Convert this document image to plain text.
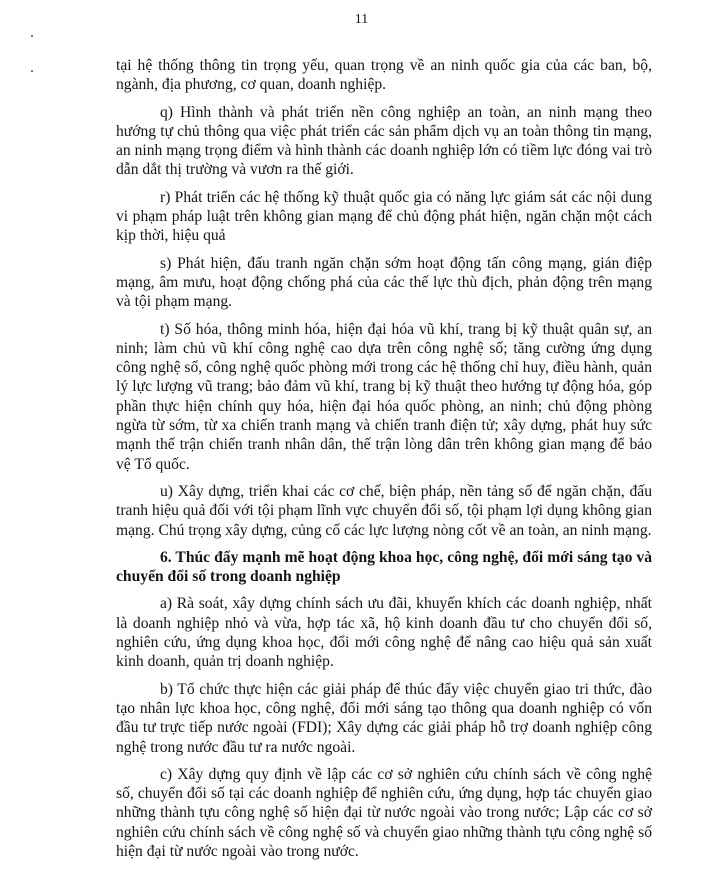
11

tại hệ thống thông tin trọng yếu, quan trọng về an ninh quốc gia của các ban, bộ, ngành, địa phương, cơ quan, doanh nghiệp.

q) Hình thành và phát triển nền công nghiệp an toàn, an ninh mạng theo hướng tự chủ thông qua việc phát triển các sản phẩm dịch vụ an toàn thông tin mạng, an ninh mạng trọng điểm và hình thành các doanh nghiệp lớn có tiềm lực đóng vai trò dẫn dắt thị trường và vươn ra thế giới.

r) Phát triển các hệ thống kỹ thuật quốc gia có năng lực giám sát các nội dung vi phạm pháp luật trên không gian mạng để chủ động phát hiện, ngăn chặn một cách kịp thời, hiệu quả

s) Phát hiện, đấu tranh ngăn chặn sớm hoạt động tấn công mạng, gián điệp mạng, âm mưu, hoạt động chống phá của các thế lực thù địch, phản động trên mạng và tội phạm mạng.

t) Số hóa, thông minh hóa, hiện đại hóa vũ khí, trang bị kỹ thuật quân sự, an ninh; làm chủ vũ khí công nghệ cao dựa trên công nghệ số; tăng cường ứng dụng công nghệ số, công nghệ quốc phòng mới trong các hệ thống chỉ huy, điều hành, quản lý lực lượng vũ trang; bảo đảm vũ khí, trang bị kỹ thuật theo hướng tự động hóa, góp phần thực hiện chính quy hóa, hiện đại hóa quốc phòng, an ninh; chủ động phòng ngừa từ sớm, từ xa chiến tranh mạng và chiến tranh điện tử; xây dựng, phát huy sức mạnh thế trận chiến tranh nhân dân, thế trận lòng dân trên không gian mạng để bảo vệ Tổ quốc.

u) Xây dựng, triển khai các cơ chế, biện pháp, nền tảng số để ngăn chặn, đấu tranh hiệu quả đối với tội phạm lĩnh vực chuyển đổi số, tội phạm lợi dụng không gian mạng. Chú trọng xây dựng, củng cố các lực lượng nòng cốt về an toàn, an ninh mạng.

6. Thúc đẩy mạnh mẽ hoạt động khoa học, công nghệ, đổi mới sáng tạo và chuyển đổi số trong doanh nghiệp

a) Rà soát, xây dựng chính sách ưu đãi, khuyến khích các doanh nghiệp, nhất là doanh nghiệp nhỏ và vừa, hợp tác xã, hộ kinh doanh đầu tư cho chuyển đổi số, nghiên cứu, ứng dụng khoa học, đổi mới công nghệ để nâng cao hiệu quả sản xuất kinh doanh, quản trị doanh nghiệp.

b) Tổ chức thực hiện các giải pháp để thúc đẩy việc chuyển giao tri thức, đào tạo nhân lực khoa học, công nghệ, đổi mới sáng tạo thông qua doanh nghiệp có vốn đầu tư trực tiếp nước ngoài (FDI); Xây dựng các giải pháp hỗ trợ doanh nghiệp công nghệ trong nước đầu tư ra nước ngoài.

c) Xây dựng quy định về lập các cơ sở nghiên cứu chính sách về công nghệ số, chuyển đổi số tại các doanh nghiệp để nghiên cứu, ứng dụng, hợp tác chuyển giao những thành tựu công nghệ số hiện đại từ nước ngoài vào trong nước; Lập các cơ sở nghiên cứu chính sách về công nghệ số và chuyển giao những thành tựu công nghệ số hiện đại từ nước ngoài vào trong nước.
